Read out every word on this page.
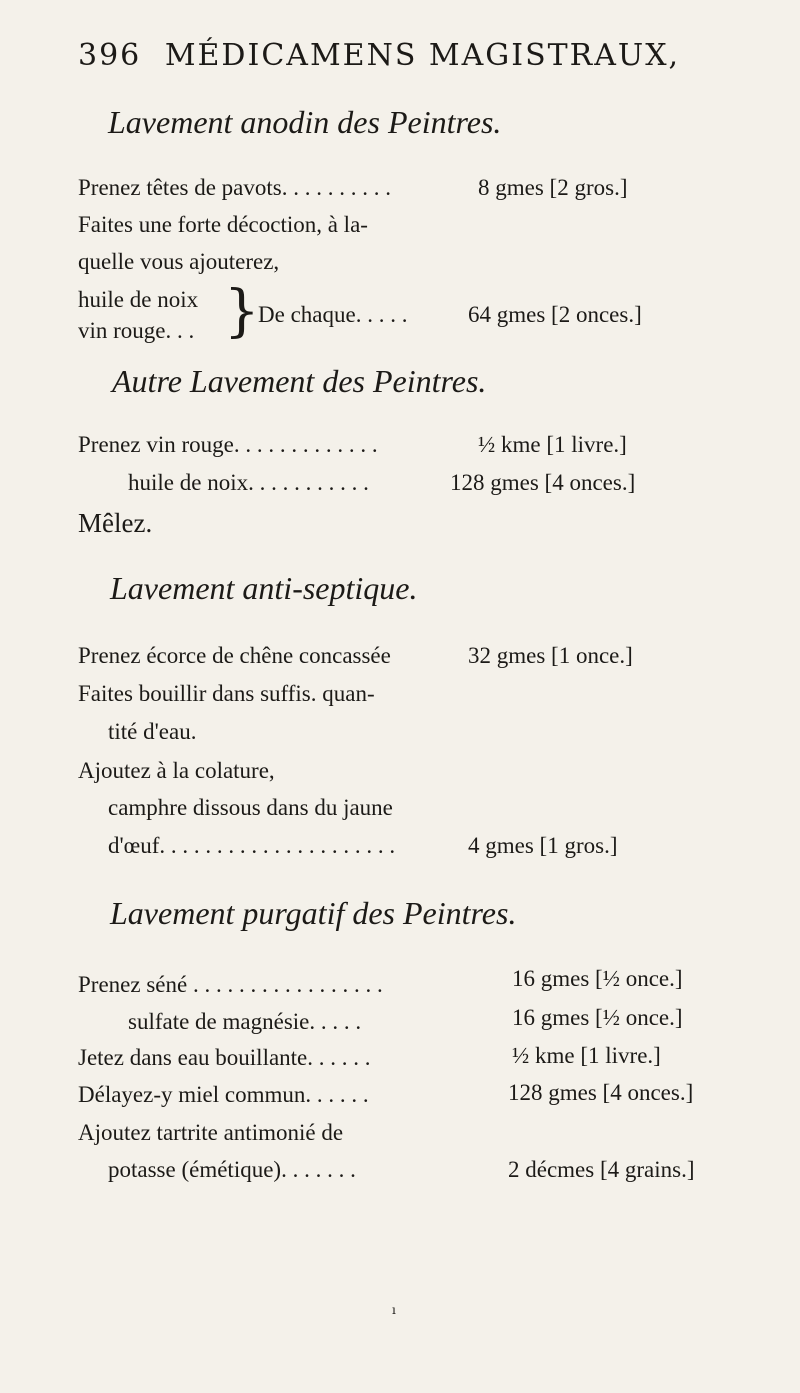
396 MÉDICAMENS MAGISTRAUX,
Lavement anodin des Peintres.
Prenez têtes de pavots. . . . . . . . . .	8 gmes [2 gros.]
Faites une forte décoction, à la-
quelle vous ajouterez,
huile de noix
vin rouge. . . }
De chaque. . . . .	64 gmes [2 onces.]
Autre Lavement des Peintres.
Prenez vin rouge. . . . . . . . . . . . .	½ kme [1 livre.]
huile de noix. . . . . . . . . . .	128 gmes [4 onces.]
Mêlez.
Lavement anti-septique.
Prenez écorce de chêne concassée	32 gmes [1 once.]
Faites bouillir dans suffis. quan-
tité d'eau.
Ajoutez à la colature,
camphre dissous dans du jaune
d'œuf. . . . . . . . . . . . . . . . . . . . .	4 gmes [1 gros.]
Lavement purgatif des Peintres.
Prenez séné . . . . . . . . . . . . . . . . .	16 gmes [½ once.]
sulfate de magnésie. . . . .	16 gmes [½ once.]
Jetez dans eau bouillante. . . . . .	½ kme [1 livre.]
Délayez-y miel commun. . . . . .	128 gmes [4 onces.]
Ajoutez tartrite antimonié de
potasse (émétique). . . . . . .	2 décmes [4 grains.]
ı
